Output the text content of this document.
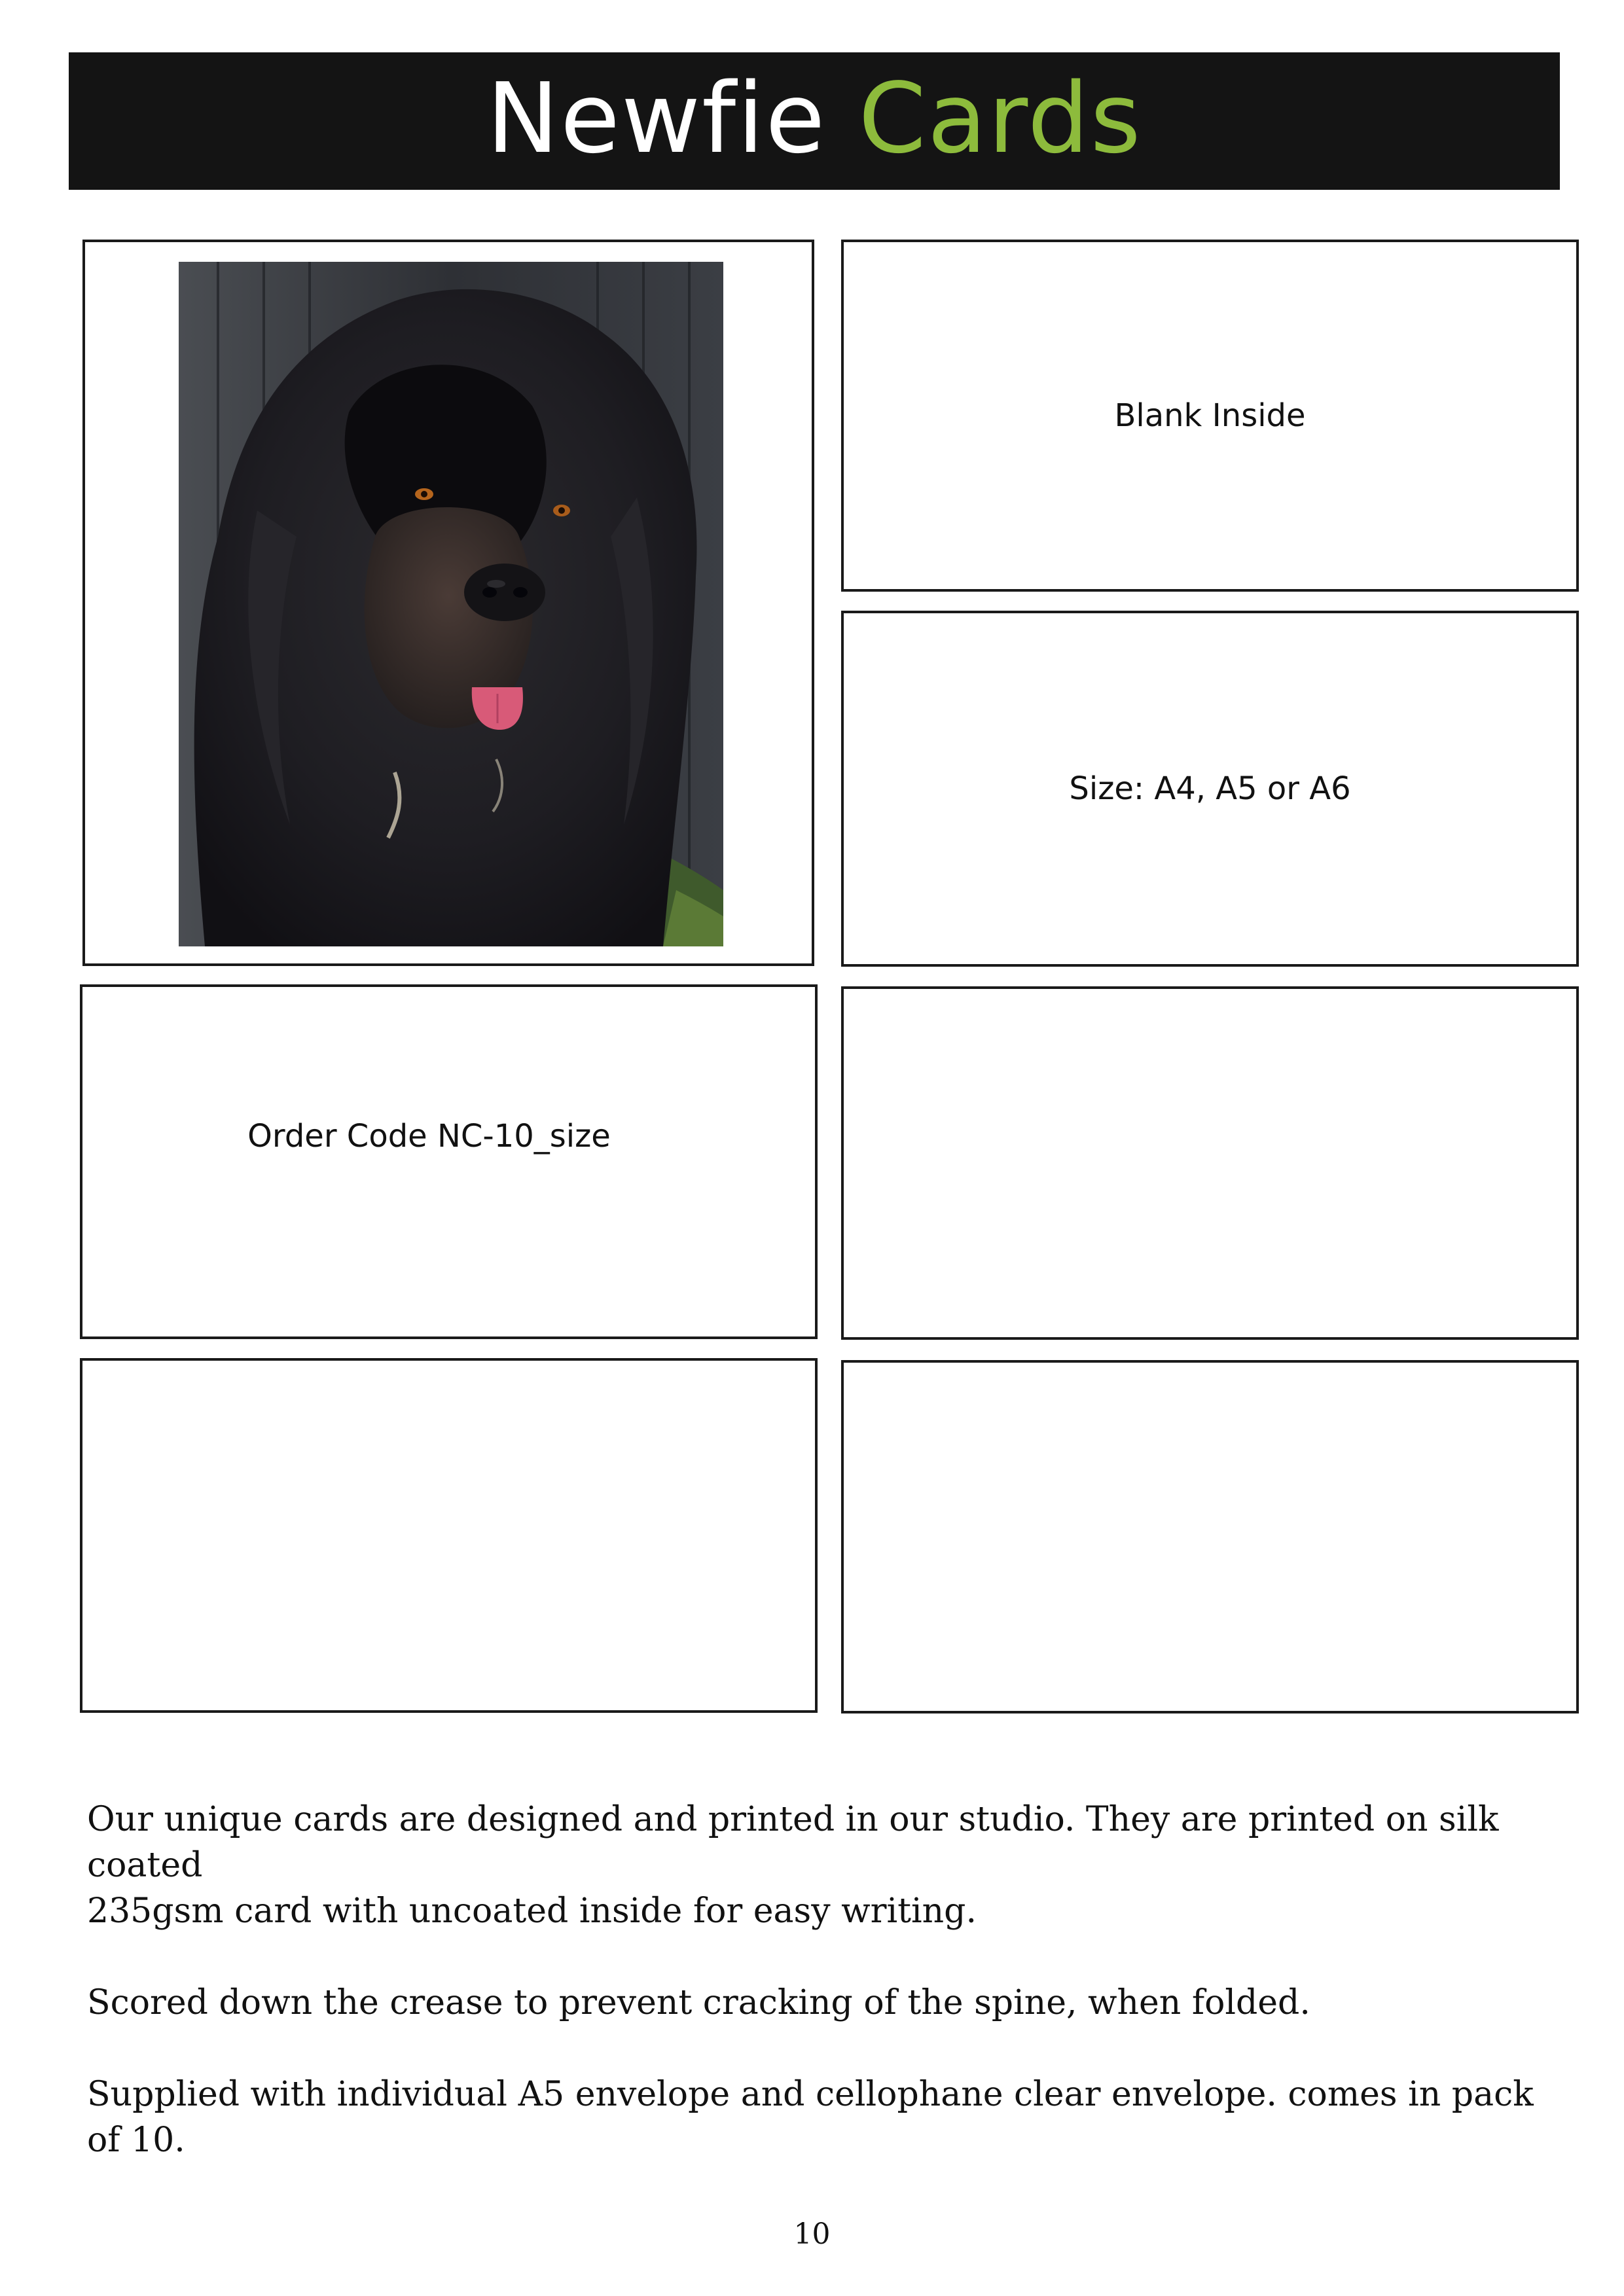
Newfie Cards
Blank Inside
Size: A4, A5 or A6
Order Code NC-10_size

Our unique cards are designed and printed in our studio. They are printed on silk coated
235gsm card with uncoated inside for easy writing.

Scored down the crease to prevent cracking of the spine, when folded.

Supplied with individual A5 envelope and cellophane clear envelope. comes in pack of 10.

10
